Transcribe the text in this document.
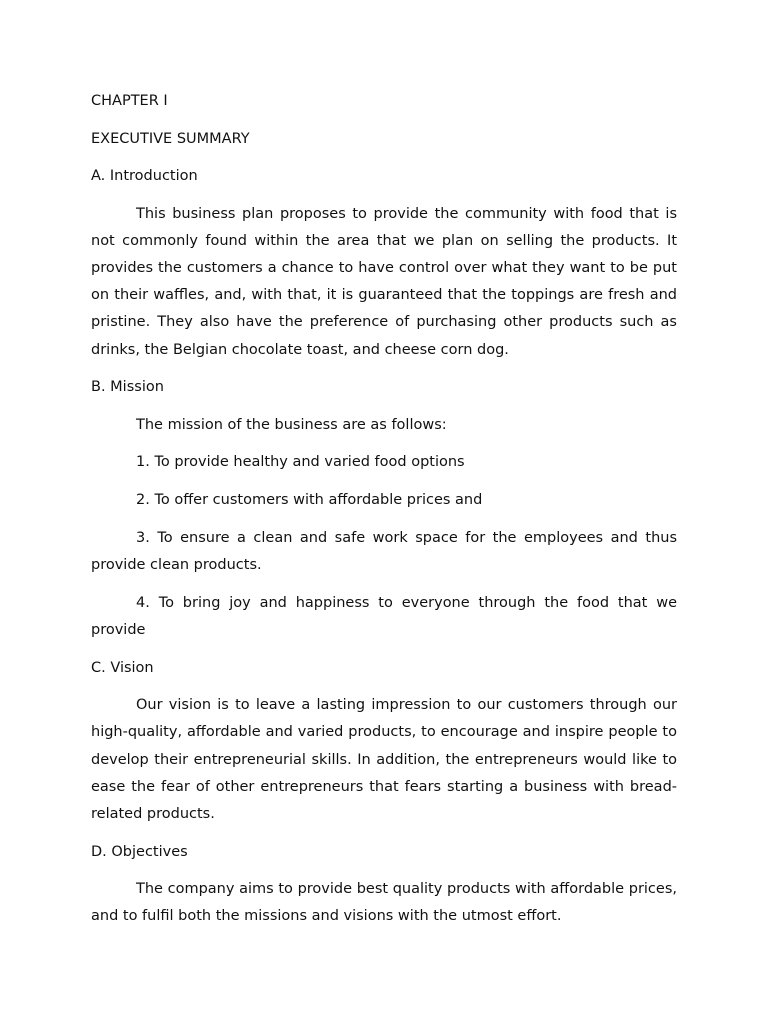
CHAPTER I

EXECUTIVE SUMMARY

A. Introduction

This business plan proposes to provide the community with food that is not commonly found within the area that we plan on selling the products. It provides the customers a chance to have control over what they want to be put on their waffles, and, with that, it is guaranteed that the toppings are fresh and pristine. They also have the preference of purchasing other products such as drinks, the Belgian chocolate toast, and cheese corn dog.

B. Mission

The mission of the business are as follows:

1. To provide healthy and varied food options

2. To offer customers with affordable prices and

3. To ensure a clean and safe work space for the employees and thus provide clean products.

4. To bring joy and happiness to everyone through the food that we provide

C. Vision

Our vision is to leave a lasting impression to our customers through our high-quality, affordable and varied products, to encourage and inspire people to develop their entrepreneurial skills. In addition, the entrepreneurs would like to ease the fear of other entrepreneurs that fears starting a business with bread-related products.

D. Objectives

The company aims to provide best quality products with affordable prices, and to fulfil both the missions and visions with the utmost effort.
